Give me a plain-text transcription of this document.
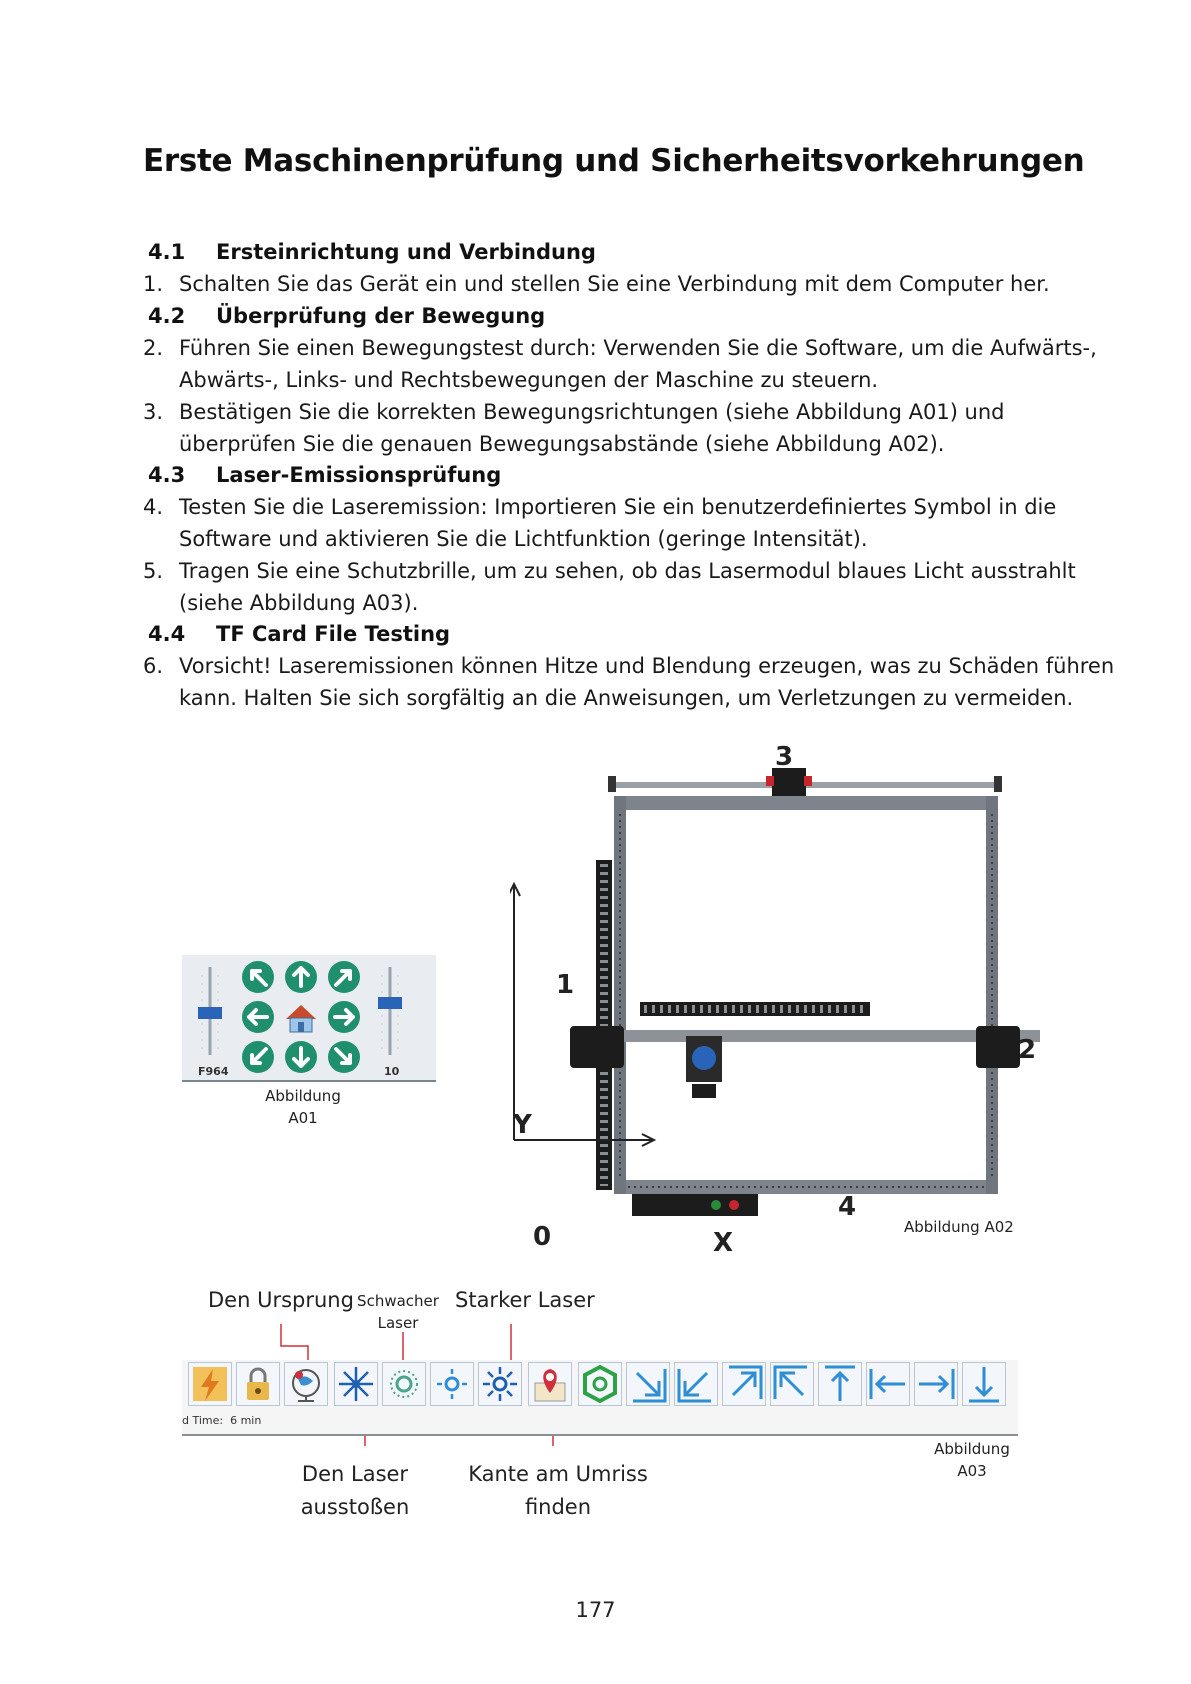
Erste Maschinenprüfung und Sicherheitsvorkehrungen
4.1 Ersteinrichtung und Verbindung
4.2 Überprüfung der Bewegung
4.3 Laser-Emissionsprüfung
4.4 TF Card File Testing
1. Schalten Sie das Gerät ein und stellen Sie eine Verbindung mit dem Computer her.
2. Führen Sie einen Bewegungstest durch: Verwenden Sie die Software, um die Aufwärts-,
Abwärts-, Links- und Rechtsbewegungen der Maschine zu steuern.
3. Bestätigen Sie die korrekten Bewegungsrichtungen (siehe Abbildung A01) und
überprüfen Sie die genauen Bewegungsabstände (siehe Abbildung A02).
4. Testen Sie die Laseremission: Importieren Sie ein benutzerdefiniertes Symbol in die
Software und aktivieren Sie die Lichtfunktion (geringe Intensität).
5. Tragen Sie eine Schutzbrille, um zu sehen, ob das Lasermodul blaues Licht ausstrahlt
(siehe Abbildung A03).
6. Vorsicht! Laseremissionen können Hitze und Blendung erzeugen, was zu Schäden führen
kann. Halten Sie sich sorgfältig an die Anweisungen, um Verletzungen zu vermeiden.
F964	10
Abbildung
A01
3
1
2
4
Y
X
0	Abbildung A02
Den Ursprung Schwacher
Laser
Starker Laser
d Time:  6 min
Den Laser
ausstoßen
Kante am Umriss
finden
Abbildung
A03
177
